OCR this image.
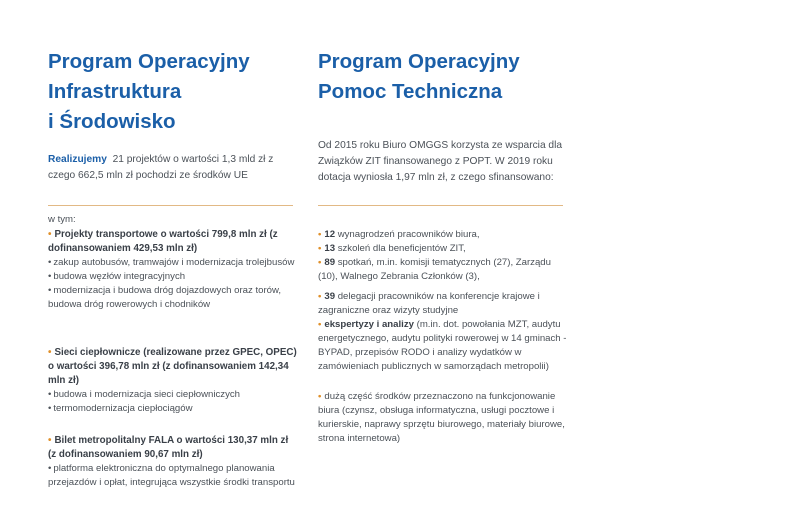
Program Operacyjny
Infrastruktura
i Środowisko
Realizujemy 21 projektów o wartości 1,3 mld zł z czego 662,5 mln zł pochodzi ze środków UE
w tym:
• Projekty transportowe o wartości 799,8 mln zł (z dofinansowaniem 429,53 mln zł)
• zakup autobusów, tramwajów i modernizacja trolejbusów
• budowa węzłów integracyjnych
• modernizacja i budowa dróg dojazdowych oraz torów, budowa dróg rowerowych i chodników
• Sieci ciepłownicze (realizowane przez GPEC, OPEC) o wartości 396,78 mln zł (z dofinansowaniem 142,34 mln zł)
• budowa i modernizacja sieci ciepłowniczych
• termomodernizacja ciepłociągów
• Bilet metropolitalny FALA o wartości 130,37 mln zł (z dofinansowaniem 90,67 mln zł)
• platforma elektroniczna do optymalnego planowania przejazdów i opłat, integrująca wszystkie środki transportu
Program Operacyjny
Pomoc Techniczna
Od 2015 roku Biuro OMGGS korzysta ze wsparcia dla Związków ZIT finansowanego z POPT. W 2019 roku dotacja wyniosła 1,97 mln zł, z czego sfinansowano:
• 12 wynagrodzeń pracowników biura,
• 13 szkoleń dla beneficjentów ZIT,
• 89 spotkań, m.in. komisji tematycznych (27), Zarządu (10), Walnego Zebrania Członków (3),
• 39 delegacji pracowników na konferencje krajowe i zagraniczne oraz wizyty studyjne
• ekspertyzy i analizy (m.in. dot. powołania MZT, audytu energetycznego, audytu polityki rowerowej w 14 gminach - BYPAD, przepisów RODO i analizy wydatków w zamówieniach publicznych w samorządach metropolii)
• dużą część środków przeznaczono na funkcjonowanie biura (czynsz, obsługa informatyczna, usługi pocztowe i kurierskie, naprawy sprzętu biurowego, materiały biurowe, strona internetowa)
